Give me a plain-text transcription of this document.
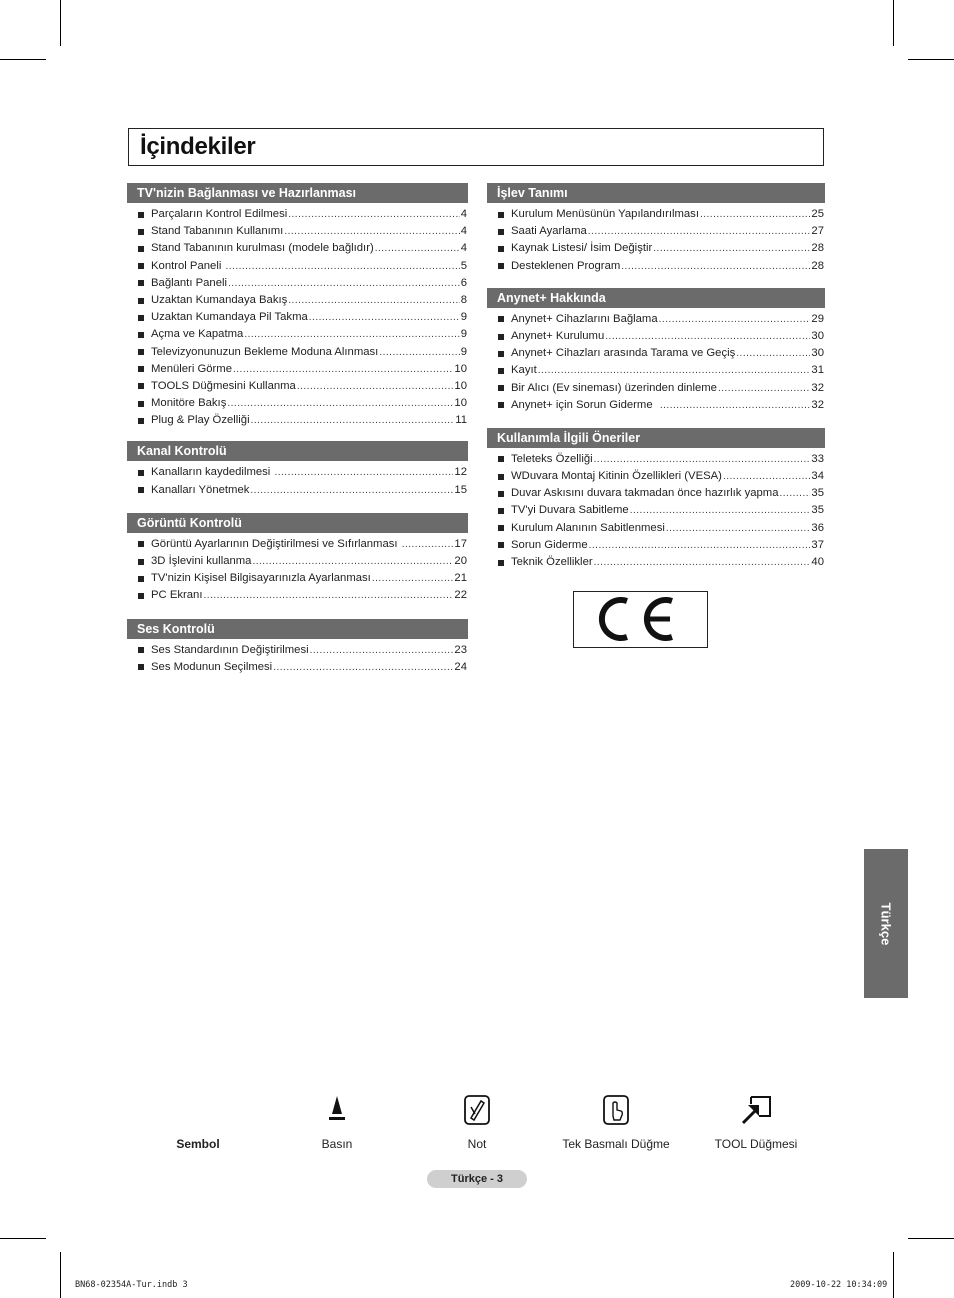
İçindekiler
TV'nizin Bağlanması ve Hazırlanması
Parçaların Kontrol Edilmesi .....	4
Stand Tabanının Kullanımı .....	4
Stand Tabanının kurulması (modele bağlıdır) .....	4
Kontrol Paneli .....	5
Bağlantı Paneli .....	6
Uzaktan Kumandaya Bakış .....	8
Uzaktan Kumandaya Pil Takma .....	9
Açma ve Kapatma .....	9
Televizyonunuzun Bekleme Moduna Alınması .....	9
Menüleri Görme .....	10
TOOLS Düğmesini Kullanma .....	10
Monitöre Bakış .....	10
Plug & Play Özelliği .....	11
Kanal Kontrolü
Kanalların kaydedilmesi .....	12
Kanalları Yönetmek .....	15
Görüntü Kontrolü
Görüntü Ayarlarının Değiştirilmesi ve Sıfırlanması .....	17
3D İşlevini kullanma .....	20
TV'nizin Kişisel Bilgisayarınızla Ayarlanması .....	21
PC Ekranı .....	22
Ses Kontrolü
Ses Standardının Değiştirilmesi .....	23
Ses Modunun Seçilmesi .....	24
İşlev Tanımı
Kurulum Menüsünün Yapılandırılması .....	25
Saati Ayarlama .....	27
Kaynak Listesi/ İsim Değiştir .....	28
Desteklenen Program .....	28
Anynet+ Hakkında
Anynet+ Cihazlarını Bağlama .....	29
Anynet+ Kurulumu .....	30
Anynet+ Cihazları arasında Tarama ve Geçiş .....	30
Kayıt .....	31
Bir Alıcı (Ev sineması) üzerinden dinleme .....	32
Anynet+ için Sorun Giderme .....	32
Kullanımla İlgili Öneriler
Teleteks Özelliği .....	33
WDuvara Montaj Kitinin Özellikleri (VESA) .....	34
Duvar Askısını duvara takmadan önce hazırlık yapma .....	35
TV'yi Duvara Sabitleme .....	35
Kurulum Alanının Sabitlenmesi .....	36
Sorun Giderme .....	37
Teknik Özellikler .....	40
Türkçe
Sembol	Basın	Not	Tek Basmalı Düğme	TOOL Düğmesi
Türkçe - 3
BN68-02354A-Tur.indb 3	2009-10-22 10:34:09
